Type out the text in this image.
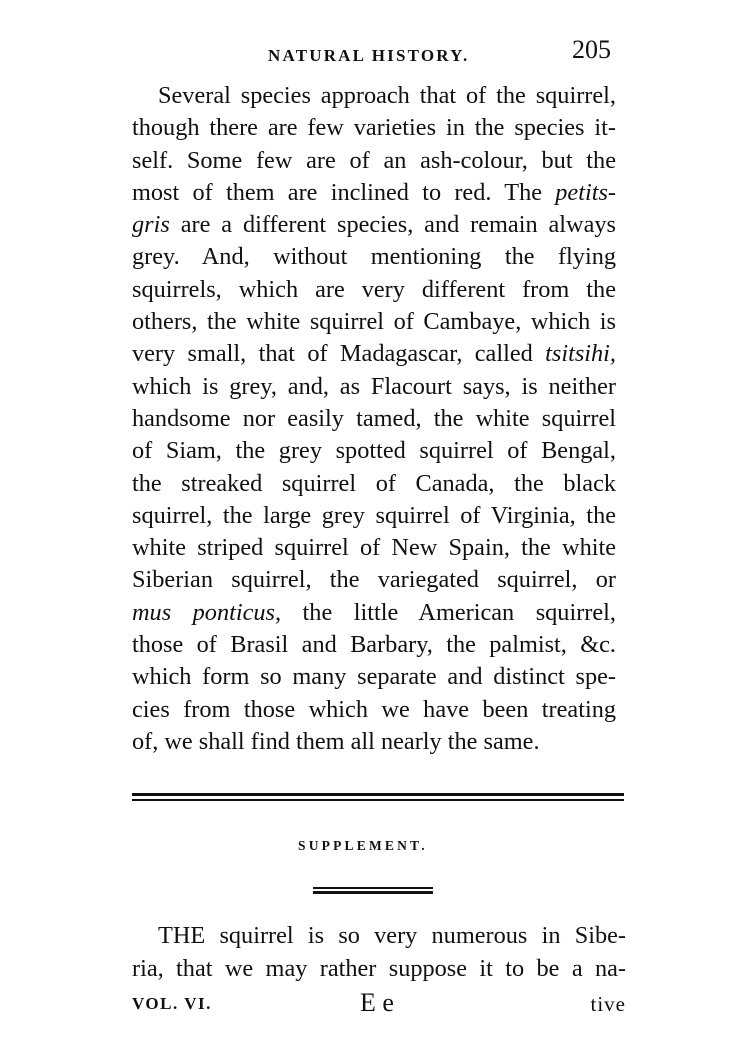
NATURAL HISTORY.	205

Several species approach that of the squirrel,
though there are few varieties in the species it-
self. Some few are of an ash-colour, but the
most of them are inclined to red. The petits-
gris are a different species, and remain always
grey. And, without mentioning the flying
squirrels, which are very different from the
others, the white squirrel of Cambaye, which is
very small, that of Madagascar, called tsitsihi,
which is grey, and, as Flacourt says, is neither
handsome nor easily tamed, the white squirrel
of Siam, the grey spotted squirrel of Bengal,
the streaked squirrel of Canada, the black
squirrel, the large grey squirrel of Virginia, the
white striped squirrel of New Spain, the white
Siberian squirrel, the variegated squirrel, or
mus ponticus, the little American squirrel,
those of Brasil and Barbary, the palmist, &c.
which form so many separate and distinct spe-
cies from those which we have been treating
of, we shall find them all nearly the same.

SUPPLEMENT.

THE squirrel is so very numerous in Sibe-
ria, that we may rather suppose it to be a na-

VOL. VI.	E e	tive
